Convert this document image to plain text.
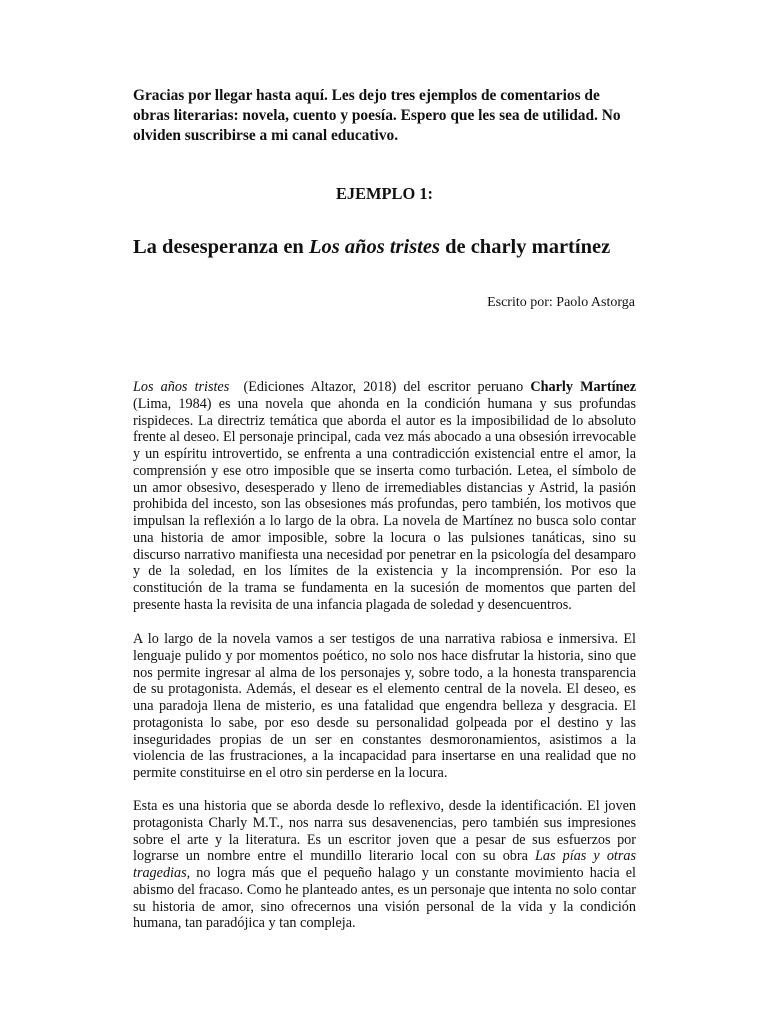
Gracias por llegar hasta aquí. Les dejo tres ejemplos de comentarios de obras literarias: novela, cuento y poesía. Espero que les sea de utilidad. No olviden suscribirse a mi canal educativo.

EJEMPLO 1:
La desesperanza en Los años tristes de charly martínez

Escrito por: Paolo Astorga

Los años tristes  (Ediciones Altazor, 2018) del escritor peruano Charly Martínez (Lima, 1984) es una novela que ahonda en la condición humana y sus profundas rispideces. La directriz temática que aborda el autor es la imposibilidad de lo absoluto frente al deseo. El personaje principal, cada vez más abocado a una obsesión irrevocable y un espíritu introvertido, se enfrenta a una contradicción existencial entre el amor, la comprensión y ese otro imposible que se inserta como turbación. Letea, el símbolo de un amor obsesivo, desesperado y lleno de irremediables distancias y Astrid, la pasión prohibida del incesto, son las obsesiones más profundas, pero también, los motivos que impulsan la reflexión a lo largo de la obra. La novela de Martínez no busca solo contar una historia de amor imposible, sobre la locura o las pulsiones tanáticas, sino su discurso narrativo manifiesta una necesidad por penetrar en la psicología del desamparo y de la soledad, en los límites de la existencia y la incomprensión. Por eso la constitución de la trama se fundamenta en la sucesión de momentos que parten del presente hasta la revisita de una infancia plagada de soledad y desencuentros.

A lo largo de la novela vamos a ser testigos de una narrativa rabiosa e inmersiva. El lenguaje pulido y por momentos poético, no solo nos hace disfrutar la historia, sino que nos permite ingresar al alma de los personajes y, sobre todo, a la honesta transparencia de su protagonista. Además, el desear es el elemento central de la novela. El deseo, es una paradoja llena de misterio, es una fatalidad que engendra belleza y desgracia. El protagonista lo sabe, por eso desde su personalidad golpeada por el destino y las inseguridades propias de un ser en constantes desmoronamientos, asistimos a la violencia de las frustraciones, a la incapacidad para insertarse en una realidad que no permite constituirse en el otro sin perderse en la locura.

Esta es una historia que se aborda desde lo reflexivo, desde la identificación. El joven protagonista Charly M.T., nos narra sus desavenencias, pero también sus impresiones sobre el arte y la literatura. Es un escritor joven que a pesar de sus esfuerzos por lograrse un nombre entre el mundillo literario local con su obra Las pías y otras tragedias, no logra más que el pequeño halago y un constante movimiento hacia el abismo del fracaso. Como he planteado antes, es un personaje que intenta no solo contar su historia de amor, sino ofrecernos una visión personal de la vida y la condición humana, tan paradójica y tan compleja.
